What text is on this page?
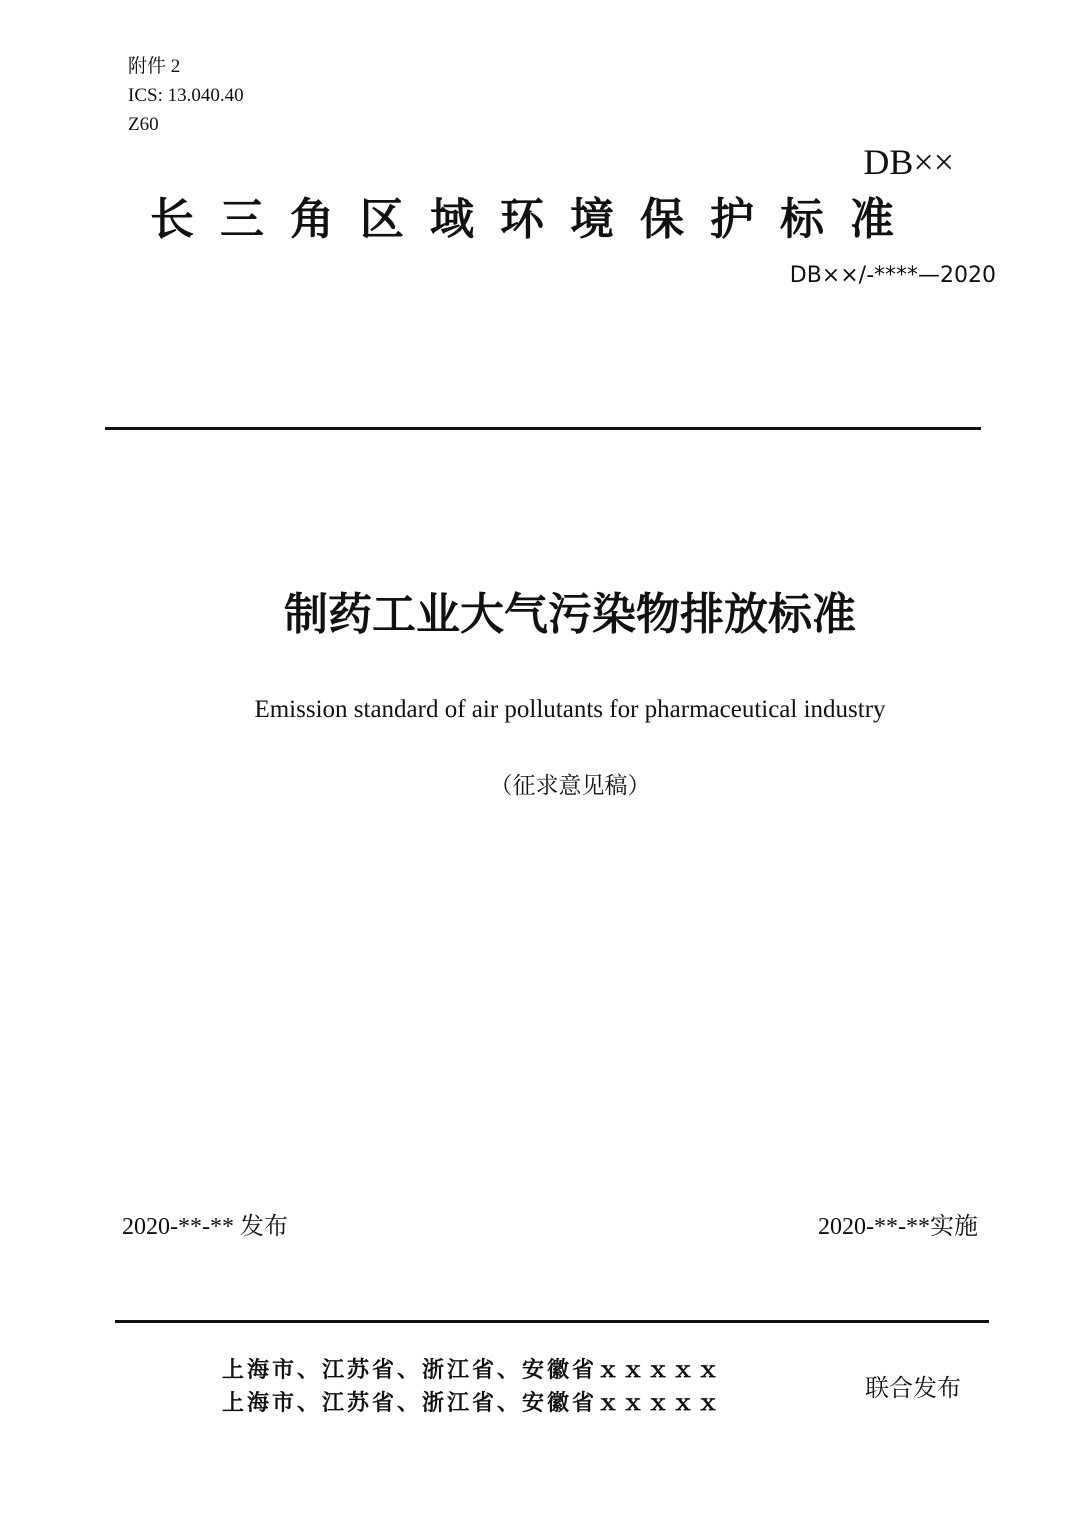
附件 2
ICS: 13.040.40
Z60
DB××
长三角区域环境保护标准
DB××/-****—2020
制药工业大气污染物排放标准
Emission standard of air pollutants for pharmaceutical industry
（征求意见稿）
2020-**-** 发布	2020-**-**实施
上海市、江苏省、浙江省、安徽省ｘｘｘｘｘ
上海市、江苏省、浙江省、安徽省ｘｘｘｘｘ
联合发布
